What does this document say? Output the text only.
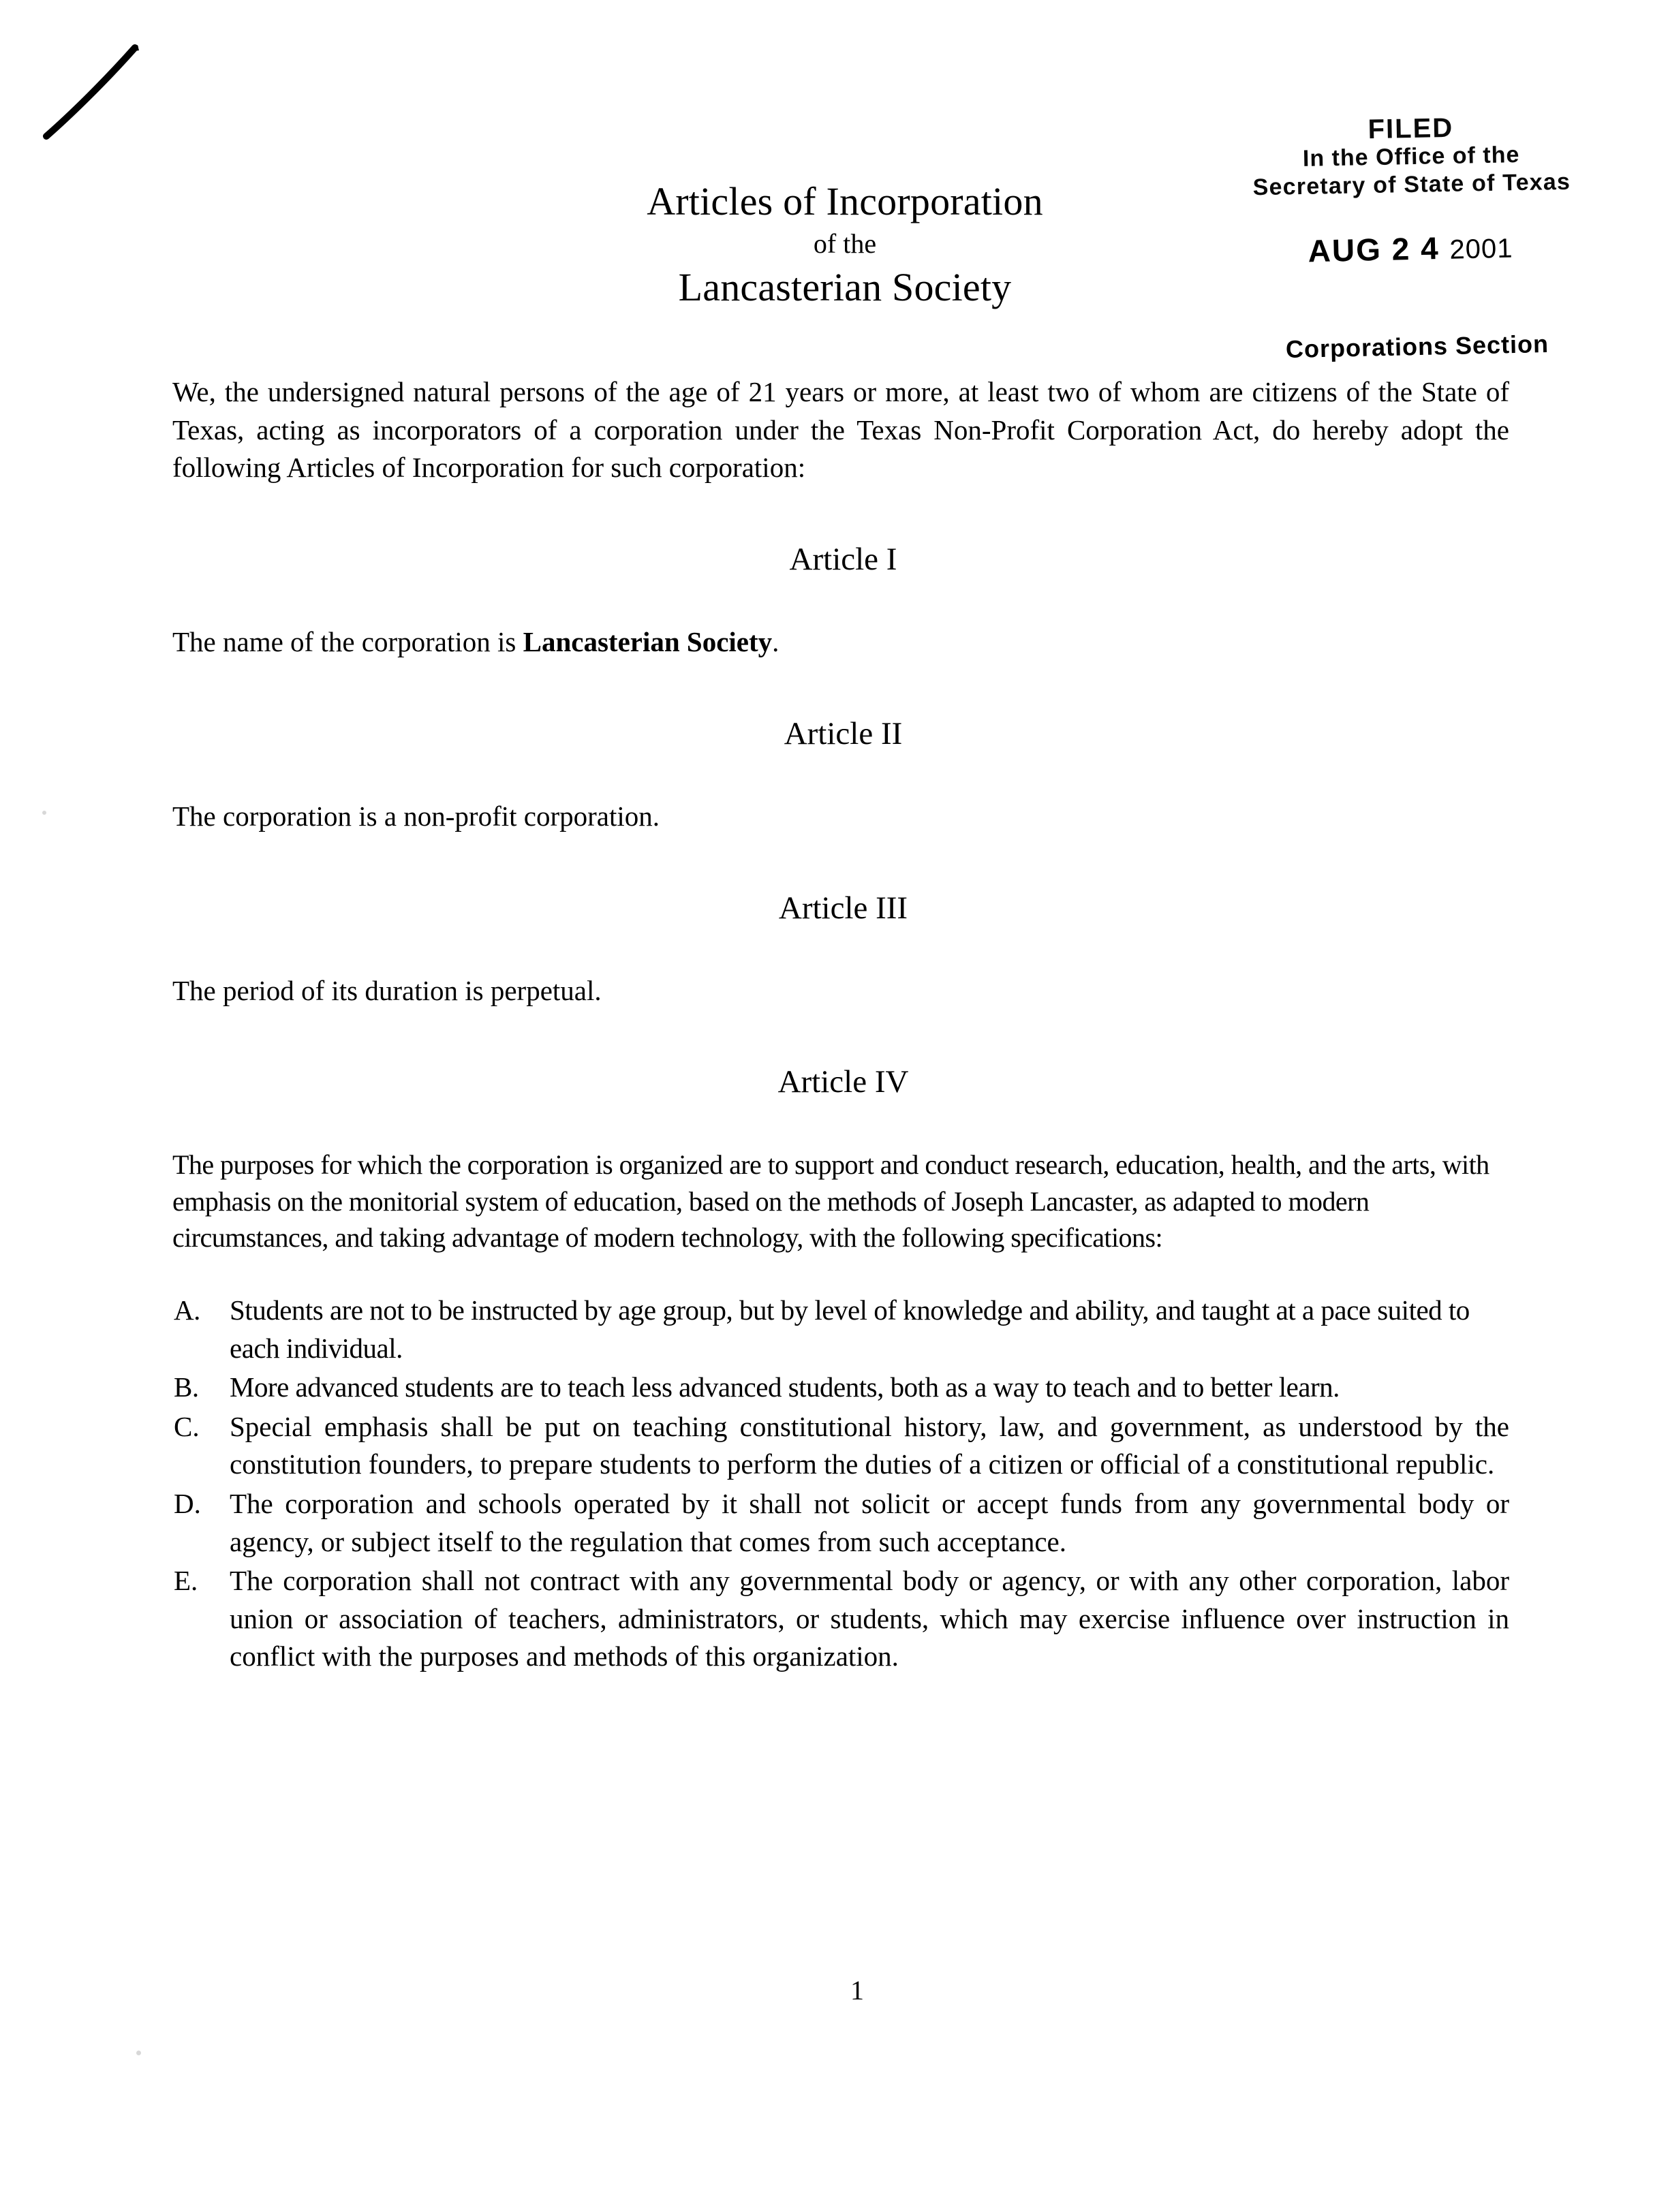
FILED
In the Office of the
Secretary of State of Texas
AUG 2 4 2001
Corporations Section
Articles of Incorporation
of the
Lancasterian Society

We, the undersigned natural persons of the age of 21 years or more, at least two of whom are citizens of the State of Texas, acting as incorporators of a corporation under the Texas Non-Profit Corporation Act, do hereby adopt the following Articles of Incorporation for such corporation:

Article I

The name of the corporation is Lancasterian Society.

Article II

The corporation is a non-profit corporation.

Article III

The period of its duration is perpetual.

Article IV

The purposes for which the corporation is organized are to support and conduct research, education, health, and the arts, with emphasis on the monitorial system of education, based on the methods of Joseph Lancaster, as adapted to modern circumstances, and taking advantage of modern technology, with the following specifications:

A.	Students are not to be instructed by age group, but by level of knowledge and ability, and taught at a pace suited to each individual.
B.	More advanced students are to teach less advanced students, both as a way to teach and to better learn.
C.	Special emphasis shall be put on teaching constitutional history, law, and government, as understood by the constitution founders, to prepare students to perform the duties of a citizen or official of a constitutional republic.
D.	The corporation and schools operated by it shall not solicit or accept funds from any governmental body or agency, or subject itself to the regulation that comes from such acceptance.
E.	The corporation shall not contract with any governmental body or agency, or with any other corporation, labor union or association of teachers, administrators, or students, which may exercise influence over instruction in conflict with the purposes and methods of this organization.
1
